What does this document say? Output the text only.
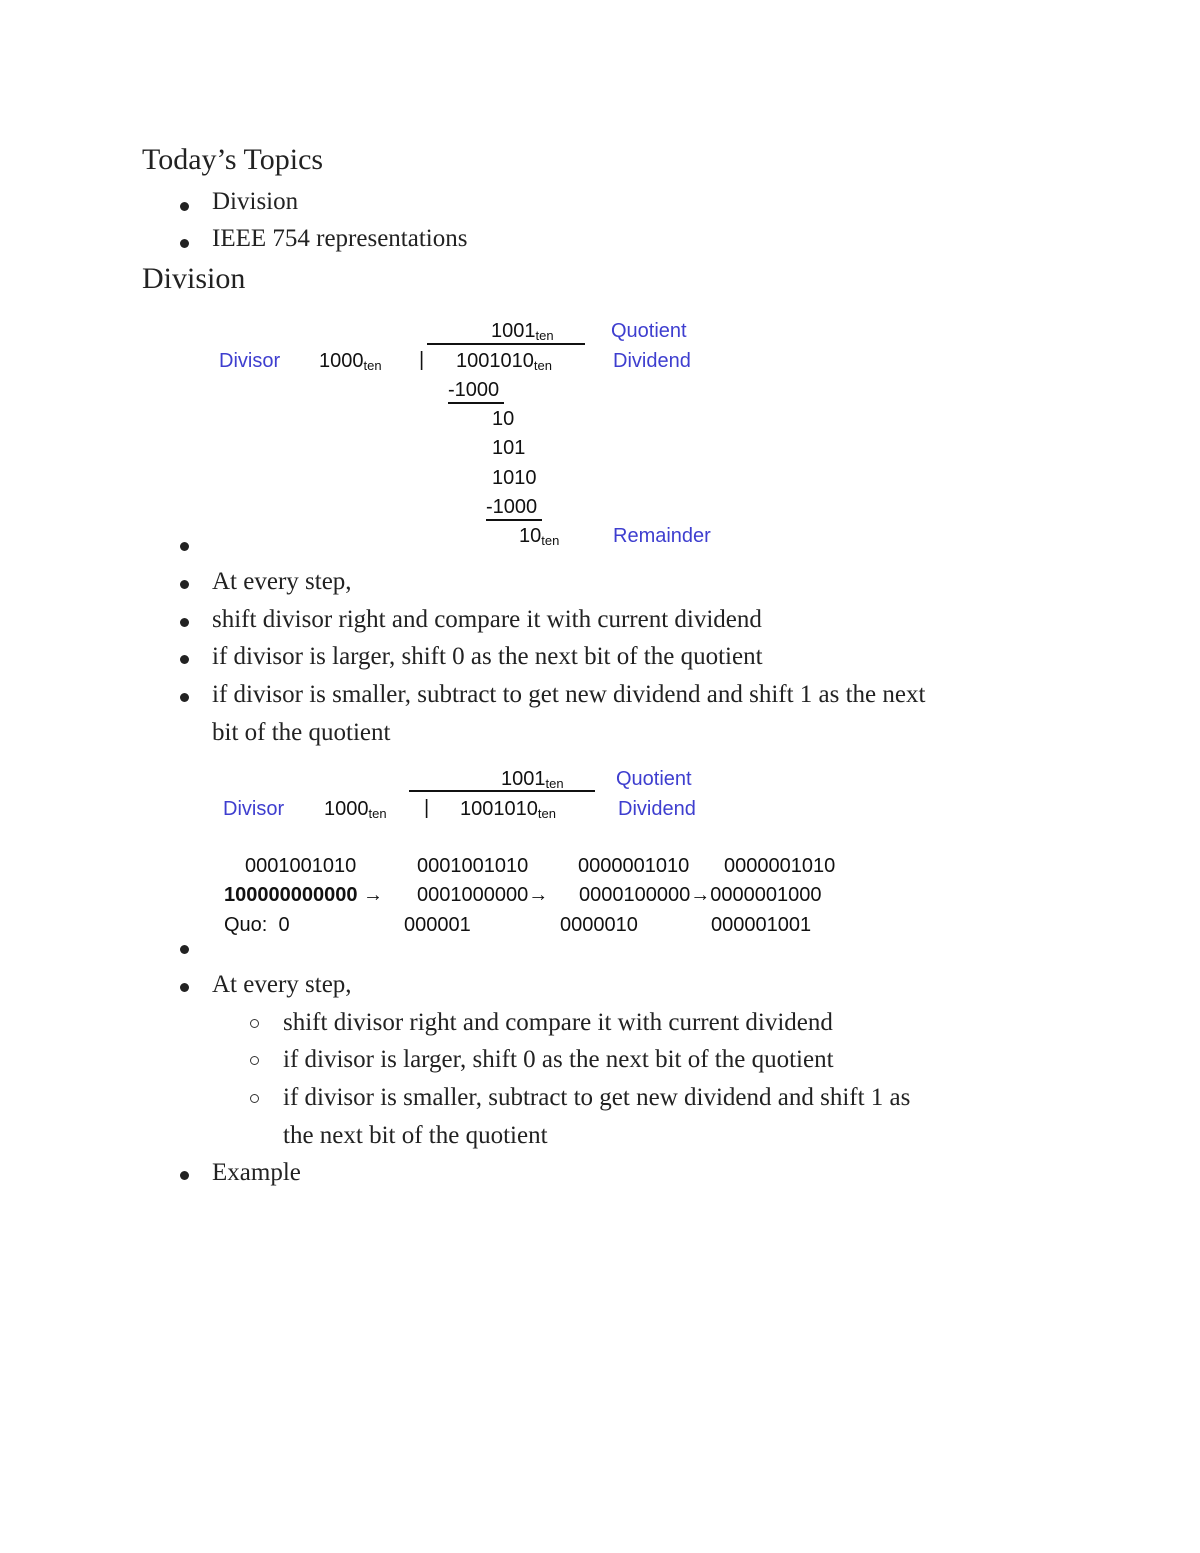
Today’s Topics
Division
IEEE 754 representations
Division
$1001_{ten}$	Quotient
Divisor $1000_{ten}$ | $1001010_{ten}$	Dividend
-1000
10
101
1010
-1000
$10_{ten}$	Remainder
At every step,
shift divisor right and compare it with current dividend
if divisor is larger, shift 0 as the next bit of the quotient
if divisor is smaller, subtract to get new dividend and shift 1 as the next
bit of the quotient
$1001_{ten}$	Quotient
Divisor $1000_{ten}$ | $1001010_{ten}$	Dividend
0001001010	0001001010 0000001010 0000001010
100000000000 → 0001000000→ 0000100000→0000001000
Quo: 0	000001	0000010	000001001
At every step,
shift divisor right and compare it with current dividend
if divisor is larger, shift 0 as the next bit of the quotient
if divisor is smaller, subtract to get new dividend and shift 1 as
the next bit of the quotient
Example
